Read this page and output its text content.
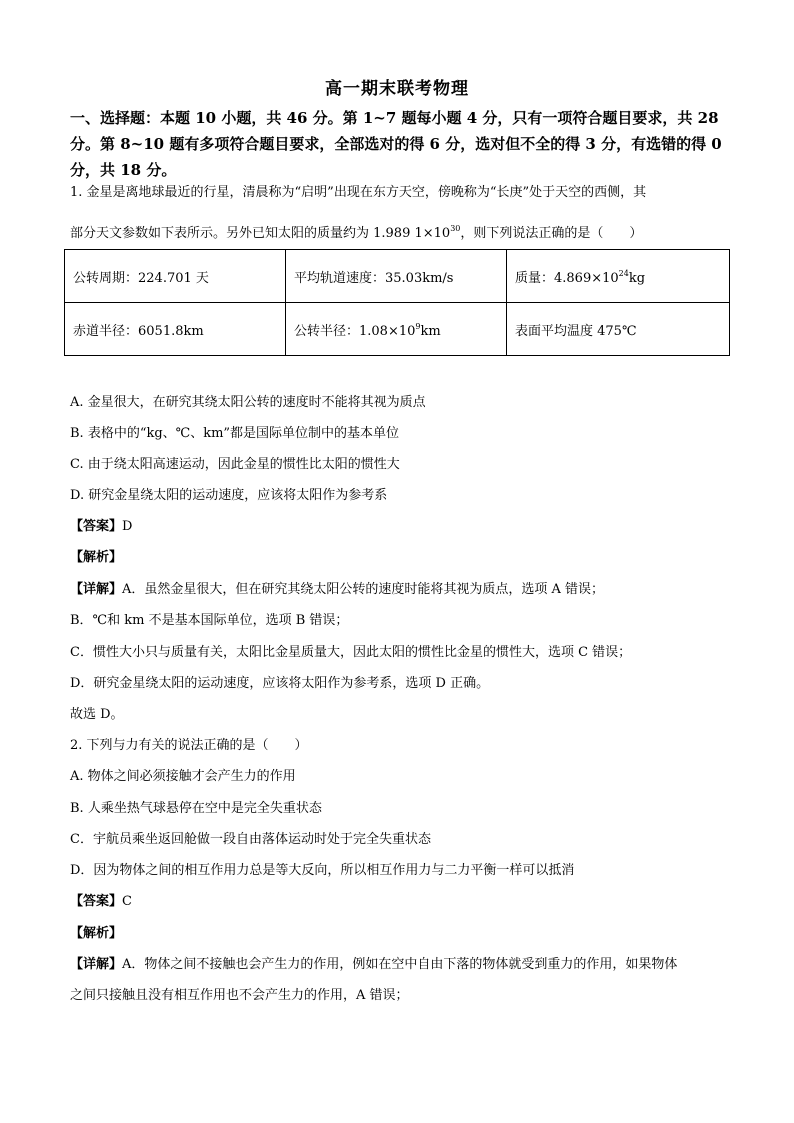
高一期末联考物理
一、选择题：本题 10 小题，共 46 分。第 1~7 题每小题 4 分，只有一项符合题目要求，共 28 分。第 8~10 题有多项符合题目要求，全部选对的得 6 分，选对但不全的得 3 分，有选错的得 0 分，共 18 分。
1. 金星是离地球最近的行星，清晨称为“启明”出现在东方天空，傍晚称为“长庚”处于天空的西侧，其
部分天文参数如下表所示。另外已知太阳的质量约为 1.989 $1\times 10^{30}$，则下列说法正确的是（　　）
公转周期：224.701 天	平均轨道速度：35.03km/s	质量：$4.869\times 10^{24}kg$
赤道半径：6051.8km	公转半径：$1.08\times 10^9km$	表面平均温度 475℃
A. 金星很大，在研究其绕太阳公转的速度时不能将其视为质点
B. 表格中的“kg、℃、km”都是国际单位制中的基本单位
C. 由于绕太阳高速运动，因此金星的惯性比太阳的惯性大
D. 研究金星绕太阳的运动速度，应该将太阳作为参考系
【答案】D
【解析】
【详解】A．虽然金星很大，但在研究其绕太阳公转的速度时能将其视为质点，选项 A 错误；
B．℃和 km 不是基本国际单位，选项 B 错误；
C．惯性大小只与质量有关，太阳比金星质量大，因此太阳的惯性比金星的惯性大，选项 C 错误；
D．研究金星绕太阳的运动速度，应该将太阳作为参考系，选项 D 正确。
故选 D。
2. 下列与力有关的说法正确的是（　　）
A. 物体之间必须接触才会产生力的作用
B. 人乘坐热气球悬停在空中是完全失重状态
C．宇航员乘坐返回舱做一段自由落体运动时处于完全失重状态
D．因为物体之间的相互作用力总是等大反向，所以相互作用力与二力平衡一样可以抵消
【答案】C
【解析】
【详解】A．物体之间不接触也会产生力的作用，例如在空中自由下落的物体就受到重力的作用，如果物体
之间只接触且没有相互作用也不会产生力的作用，A 错误；
